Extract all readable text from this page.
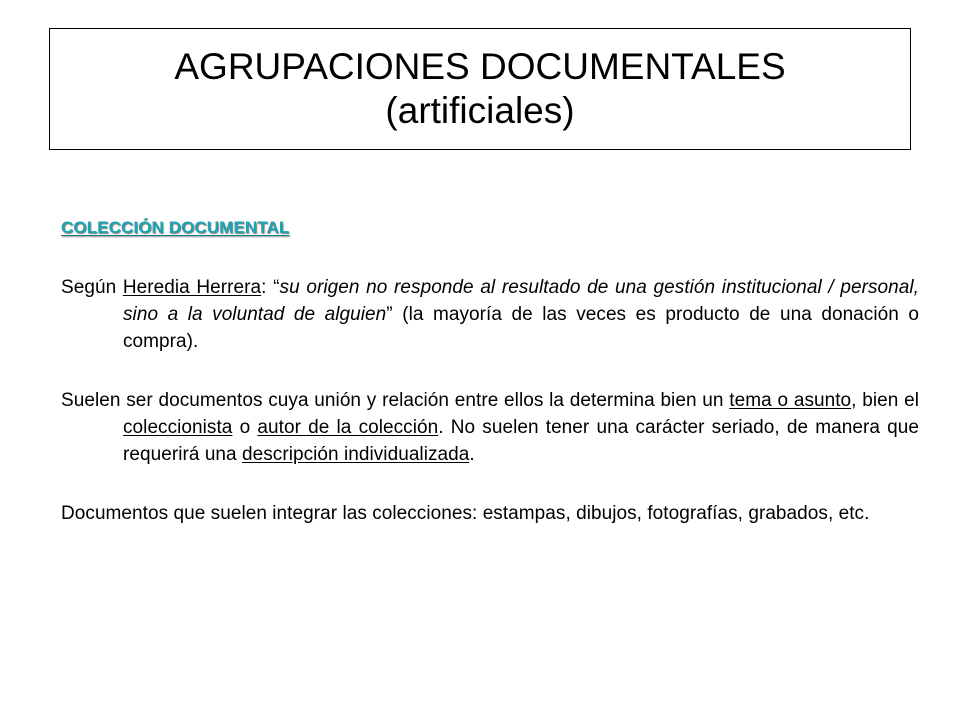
AGRUPACIONES DOCUMENTALES
(artificiales)
COLECCIÓN DOCUMENTAL

Según Heredia Herrera: “su origen no responde al resultado de una gestión institucional / personal, sino a la voluntad de alguien” (la mayoría de las veces es producto de una donación o compra).

Suelen ser documentos cuya unión y relación entre ellos la determina bien un tema o asunto, bien el coleccionista o autor de la colección. No suelen tener una carácter seriado, de manera que requerirá una descripción individualizada.

Documentos que suelen integrar las colecciones: estampas, dibujos, fotografías, grabados, etc.
